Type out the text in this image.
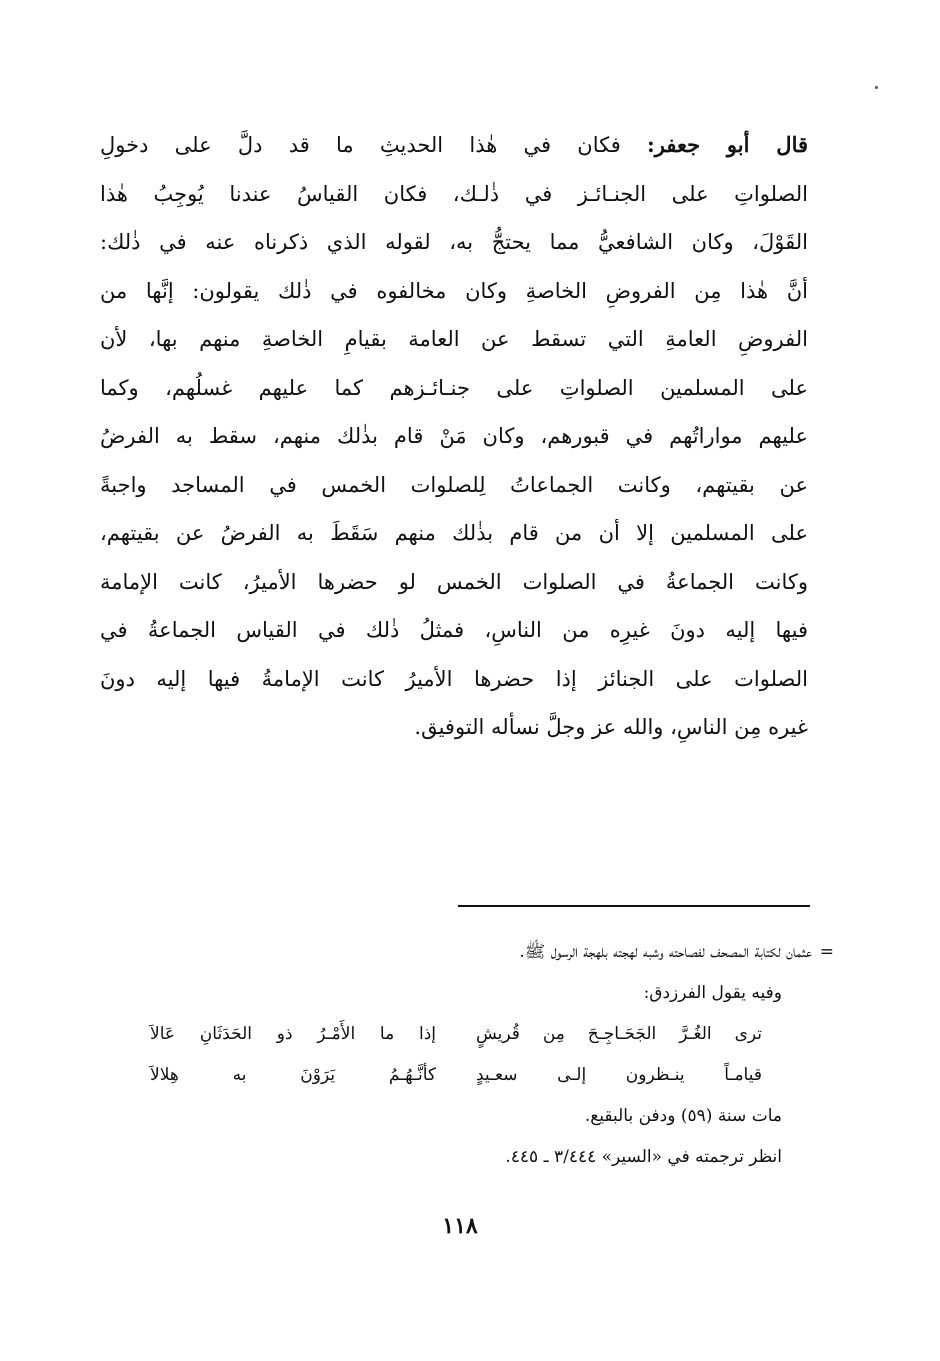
قال أبو جعفر: فكان في هٰذا الحديثِ ما قد دلَّ على دخولِ
الصلواتِ على الجنـائـز في ذٰلـك، فكان القياسُ عندنا يُوجِبُ هٰذا
القَوْلَ، وكان الشافعيُّ مما يحتجُّ به، لقوله الذي ذكرناه عنه في ذٰلك:
أنَّ هٰذا مِن الفروضِ الخاصةِ وكان مخالفوه في ذٰلك يقولون: إنَّها من
الفروضِ العامةِ التي تسقط عن العامة بقيامِ الخاصةِ منهم بها، لأن
على المسلمين الصلواتِ على جنـائـزهم كما عليهم غسلُهم، وكما
عليهم مواراتُهم في قبورهم، وكان مَنْ قام بذٰلك منهم، سقط به الفرضُ
عن بقيتهم، وكانت الجماعاتُ لِلصلوات الخمس في المساجد واجبةً
على المسلمين إلا أن من قام بذٰلك منهم سَقَطَ به الفرضُ عن بقيتهم،
وكانت الجماعةُ في الصلوات الخمس لو حضرها الأميرُ، كانت الإمامة
فيها إليه دونَ غيرِه من الناسِ، فمثلُ ذٰلك في القياس الجماعةُ في
الصلوات على الجنائز إذا حضرها الأميرُ كانت الإمامةُ فيها إليه دونَ
غيره مِن الناسِ، والله عز وجلَّ نسأله التوفيق.
=
عثمان لكتابة المصحف لفصاحته وشبه لهجته بلهجة الرسول ﷺ.
وفيه يقول الفرزدق:
ترى الغُـرَّ الجَحَـاجِـحَ مِن قُريشٍ
إذا ما الأَمْـرُ ذو الحَدَثَانِ عَالاَ
قيامـاً ينـظرون إلـى سعـيدٍ
كأنَّـهُـمُ يَرَوْنَ به هِلالاَ
مات سنة (٥٩) ودفن بالبقيع.
انظر ترجمته في «السير» ٣/٤٤٤ ـ ٤٤٥.
١١٨
